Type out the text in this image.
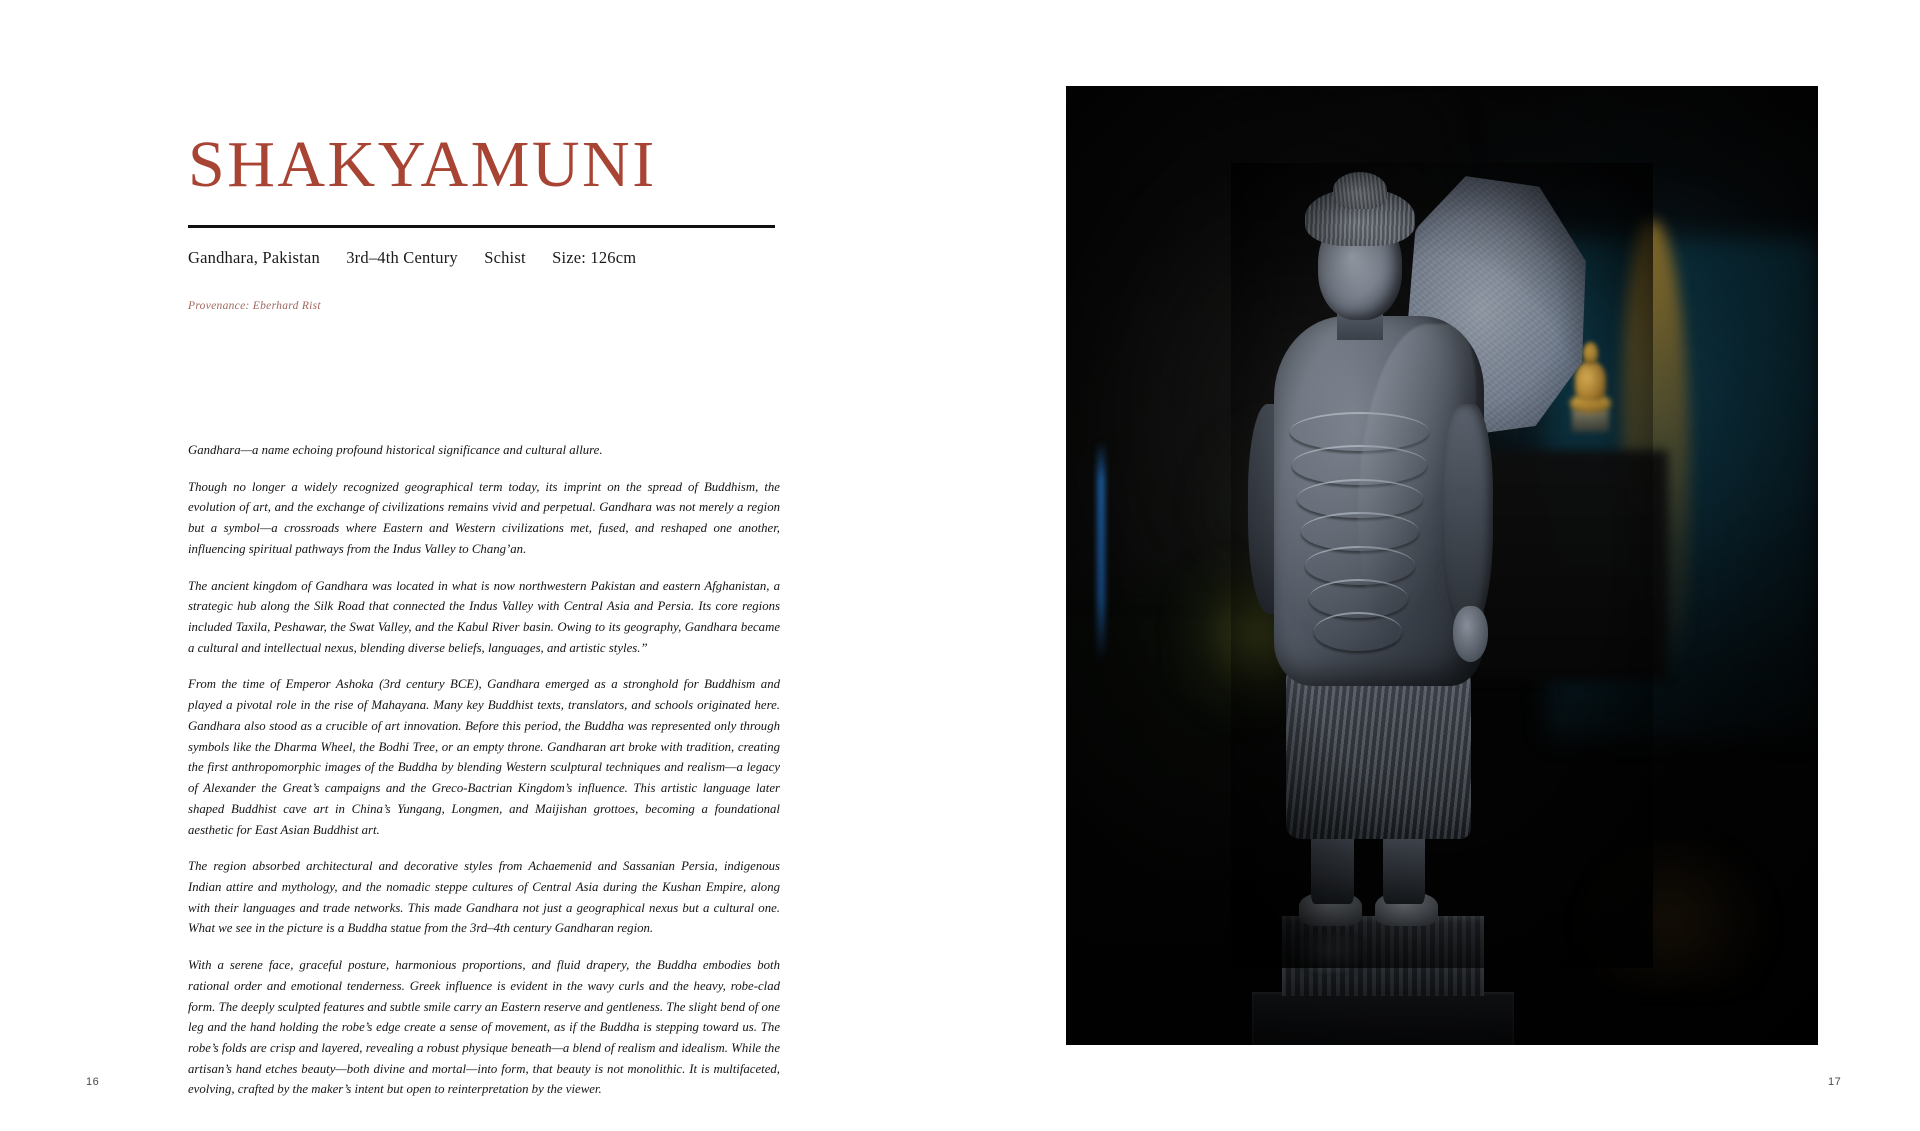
SHAKYAMUNI
Gandhara, Pakistan 3rd–4th Century Schist Size: 126cm
Provenance: Eberhard Rist

Gandhara—a name echoing profound historical significance and cultural allure.

Though no longer a widely recognized geographical term today, its imprint on the spread of Buddhism, the evolution of art, and the exchange of civilizations remains vivid and perpetual. Gandhara was not merely a region but a symbol—a crossroads where Eastern and Western civilizations met, fused, and reshaped one another, influencing spiritual pathways from the Indus Valley to Chang’an.

The ancient kingdom of Gandhara was located in what is now northwestern Pakistan and eastern Afghanistan, a strategic hub along the Silk Road that connected the Indus Valley with Central Asia and Persia. Its core regions included Taxila, Peshawar, the Swat Valley, and the Kabul River basin. Owing to its geography, Gandhara became a cultural and intellectual nexus, blending diverse beliefs, languages, and artistic styles.”

From the time of Emperor Ashoka (3rd century BCE), Gandhara emerged as a stronghold for Buddhism and played a pivotal role in the rise of Mahayana. Many key Buddhist texts, translators, and schools originated here. Gandhara also stood as a crucible of art innovation. Before this period, the Buddha was represented only through symbols like the Dharma Wheel, the Bodhi Tree, or an empty throne. Gandharan art broke with tradition, creating the first anthropomorphic images of the Buddha by blending Western sculptural techniques and realism—a legacy of Alexander the Great’s campaigns and the Greco-Bactrian Kingdom’s influence. This artistic language later shaped Buddhist cave art in China’s Yungang, Longmen, and Maijishan grottoes, becoming a foundational aesthetic for East Asian Buddhist art.

The region absorbed architectural and decorative styles from Achaemenid and Sassanian Persia, indigenous Indian attire and mythology, and the nomadic steppe cultures of Central Asia during the Kushan Empire, along with their languages and trade networks. This made Gandhara not just a geographical nexus but a cultural one. What we see in the picture is a Buddha statue from the 3rd–4th century Gandharan region.

With a serene face, graceful posture, harmonious proportions, and fluid drapery, the Buddha embodies both rational order and emotional tenderness. Greek influence is evident in the wavy curls and the heavy, robe-clad form. The deeply sculpted features and subtle smile carry an Eastern reserve and gentleness. The slight bend of one leg and the hand holding the robe’s edge create a sense of movement, as if the Buddha is stepping toward us. The robe’s folds are crisp and layered, revealing a robust physique beneath—a blend of realism and idealism. While the artisan’s hand etches beauty—both divine and mortal—into form, that beauty is not monolithic. It is multifaceted, evolving, crafted by the maker’s intent but open to reinterpretation by the viewer.

16	17
